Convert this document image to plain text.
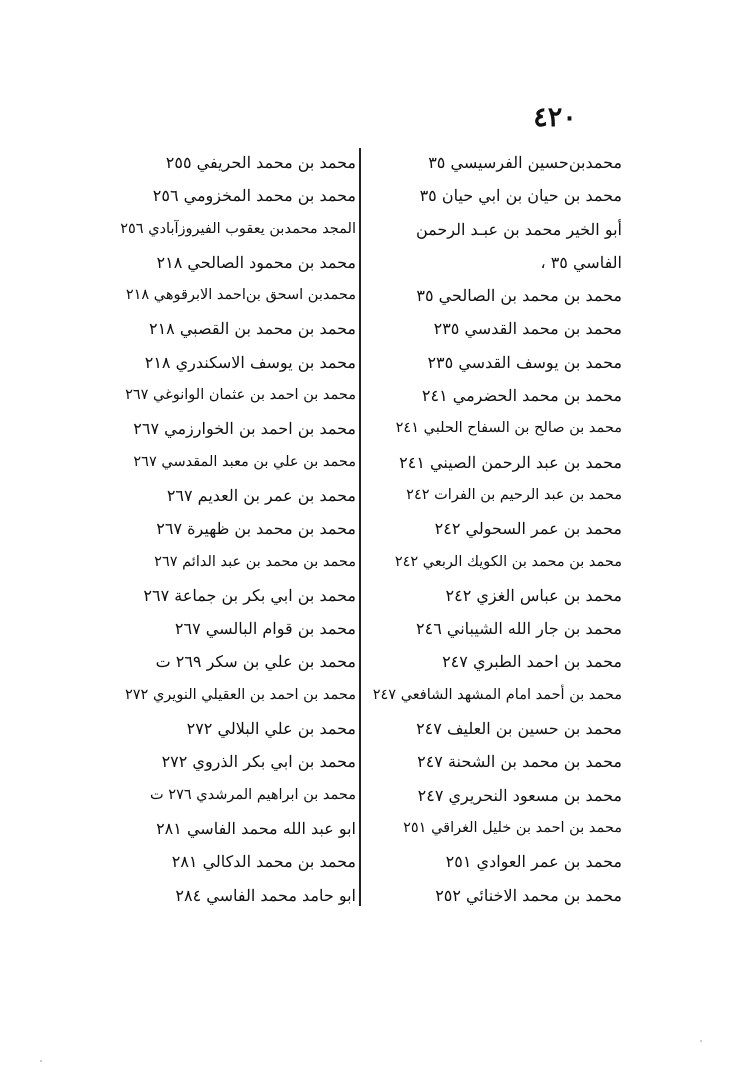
٤٢٠
محمدبن‌حسين الفرسيسي ٣٥
محمد بن حيان بن ابي حيان ٣٥
أبو الخير محمد بن عبـد الرحمن
الفاسي ٣٥ ،
محمد بن محمد بن الصالحي ٣٥
محمد بن محمد القدسي ٢٣٥
محمد بن يوسف القدسي ٢٣٥
محمد بن محمد الحضرمي ٢٤١
محمد بن صالح بن السفاح الحلبي ٢٤١
محمد بن عبد الرحمن الصيني ٢٤١
محمد بن عبد الرحيم بن الفرات ٢٤٢
محمد بن عمر السحولي ٢٤٢
محمد بن محمد بن الكويك الربعي ٢٤٢
محمد بن عباس الغزي ٢٤٢
محمد بن جار الله الشيباني ٢٤٦
محمد بن احمد الطبري ٢٤٧
محمد بن أحمد امام المشهد الشافعي ٢٤٧
محمد بن حسين بن العليف ٢٤٧
محمد بن محمد بن الشحنة ٢٤٧
محمد بن مسعود النحريري ٢٤٧
محمد بن احمد بن خليل الغراقي ٢٥١
محمد بن عمر العوادي ٢٥١
محمد بن محمد الاخنائي ٢٥٢
محمد بن محمد الحريفي ٢٥٥
محمد بن محمد المخزومي ٢٥٦
المجد محمدبن يعقوب الفيروزآبادي ٢٥٦
محمد بن محمود الصالحي ٢١٨
محمدبن اسحق بن‌احمد الابرقوهي ٢١٨
محمد بن محمد بن القصبي ٢١٨
محمد بن يوسف الاسكندري ٢١٨
محمد بن احمد بن عثمان الوانوغي ٢٦٧
محمد بن احمد بن الخوارزمي ٢٦٧
محمد بن علي بن معبد المقدسي ٢٦٧
محمد بن عمر بن العديم ٢٦٧
محمد بن محمد بن ظهيرة ٢٦٧
محمد بن محمد بن عبد الدائم ٢٦٧
محمد بن ابي بكر بن جماعة ٢٦٧
محمد بن قوام البالسي ٢٦٧
محمد بن علي بن سكر ٢٦٩ ت
محمد بن احمد بن العقيلي النويري ٢٧٢
محمد بن علي البلالي ٢٧٢
محمد بن ابي بكر الذروي ٢٧٢
محمد بن ابراهيم المرشدي ٢٧٦ ت
ابو عبد الله محمد الفاسي ٢٨١
محمد بن محمد الدكالي ٢٨١
ابو حامد محمد الفاسي ٢٨٤
